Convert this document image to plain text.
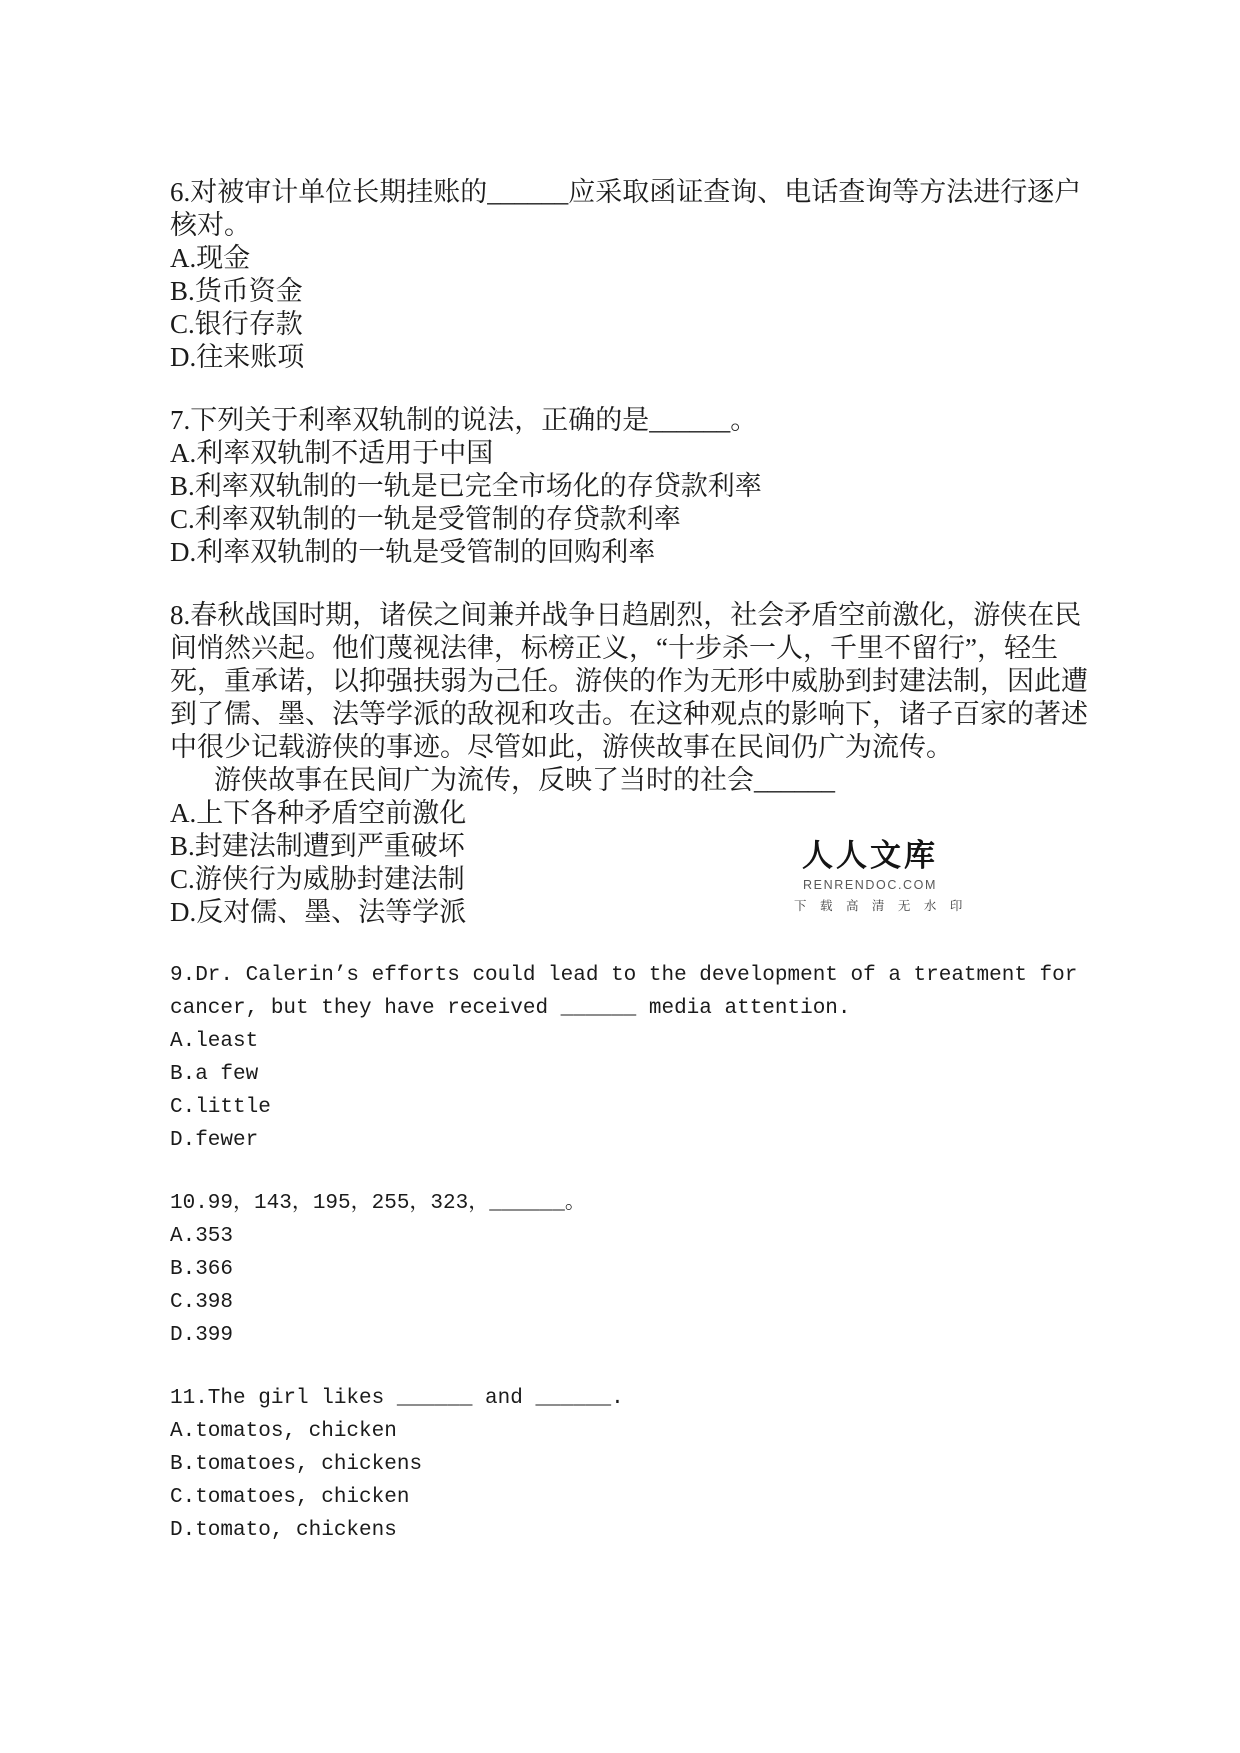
6.对被审计单位长期挂账的______应采取函证查询、电话查询等方法进行逐户

核对。

A.现金

B.货币资金

C.银行存款

D.往来账项

7.下列关于利率双轨制的说法，正确的是______。

A.利率双轨制不适用于中国

B.利率双轨制的一轨是已完全市场化的存贷款利率

C.利率双轨制的一轨是受管制的存贷款利率

D.利率双轨制的一轨是受管制的回购利率

8.春秋战国时期，诸侯之间兼并战争日趋剧烈，社会矛盾空前激化，游侠在民

间悄然兴起。他们蔑视法律，标榜正义，“十步杀一人，千里不留行”，轻生

死，重承诺，以抑强扶弱为己任。游侠的作为无形中威胁到封建法制，因此遭

到了儒、墨、法等学派的敌视和攻击。在这种观点的影响下，诸子百家的著述

中很少记载游侠的事迹。尽管如此，游侠故事在民间仍广为流传。

游侠故事在民间广为流传，反映了当时的社会______

A.上下各种矛盾空前激化

B.封建法制遭到严重破坏

C.游侠行为威胁封建法制

D.反对儒、墨、法等学派

9.Dr. Calerin’s efforts could lead to the development of a treatment for

cancer, but they have received ______ media attention.

A.least

B.a few

C.little

D.fewer

10.99，143，195，255，323，______。

A.353

B.366

C.398

D.399

11.The girl likes ______ and ______.

A.tomatos, chicken

B.tomatoes, chickens

C.tomatoes, chicken

D.tomato, chickens

人人文库
RENRENDOC.COM
下 载 高 清 无 水 印
